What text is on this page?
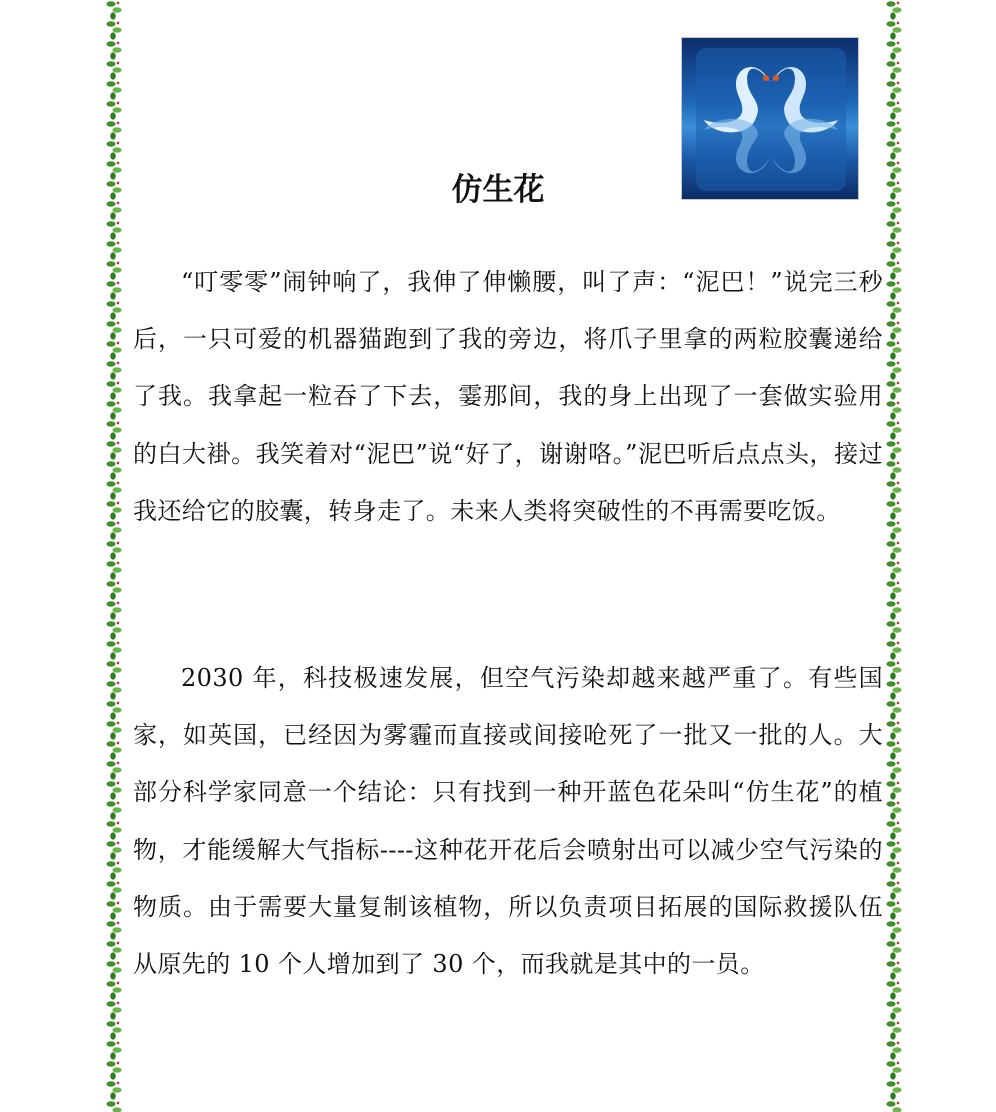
仿生花

“叮零零”闹钟响了，我伸了伸懒腰，叫了声：“泥巴！”说完三秒后，一只可爱的机器猫跑到了我的旁边，将爪子里拿的两粒胶囊递给了我。我拿起一粒吞了下去，霎那间，我的身上出现了一套做实验用的白大褂。我笑着对“泥巴”说“好了，谢谢咯。”泥巴听后点点头，接过我还给它的胶囊，转身走了。未来人类将突破性的不再需要吃饭。

2030 年，科技极速发展，但空气污染却越来越严重了。有些国家，如英国，已经因为雾霾而直接或间接呛死了一批又一批的人。大部分科学家同意一个结论：只有找到一种开蓝色花朵叫“仿生花”的植物，才能缓解大气指标----这种花开花后会喷射出可以减少空气污染的物质。由于需要大量复制该植物，所以负责项目拓展的国际救援队伍从原先的 10 个人增加到了 30 个，而我就是其中的一员。
